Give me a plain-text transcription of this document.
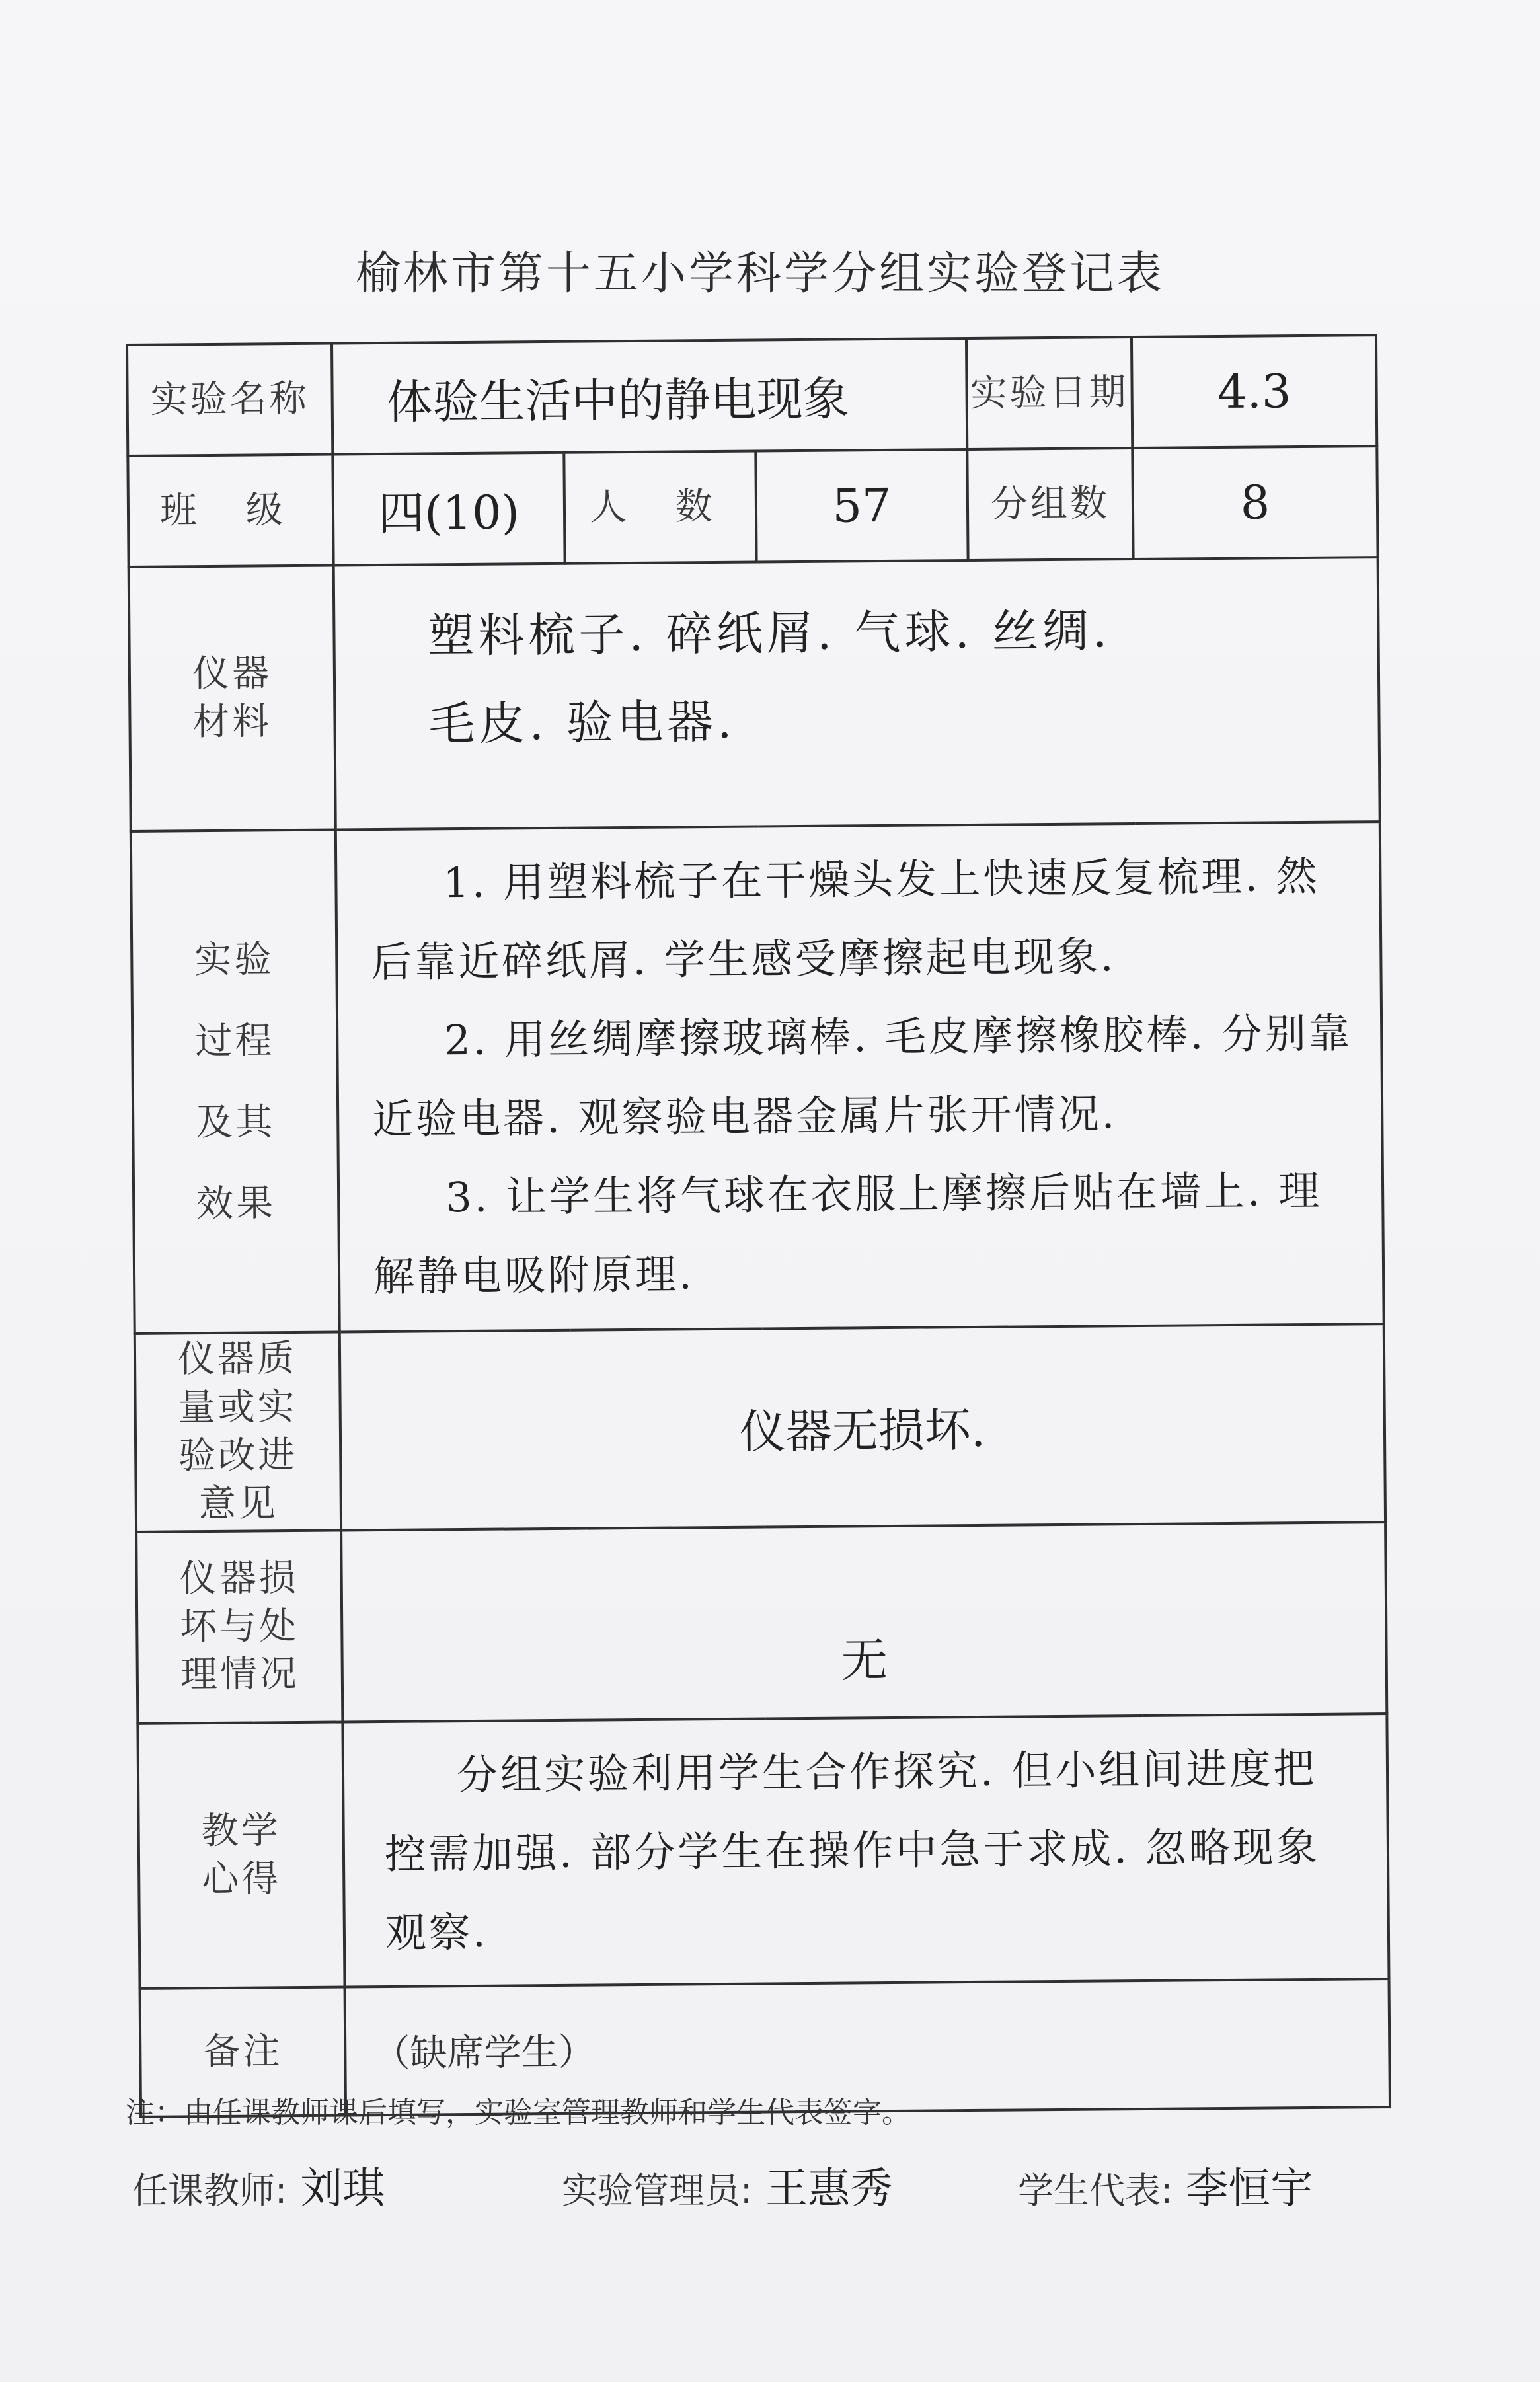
榆林市第十五小学科学分组实验登记表
实验名称	体验生活中的静电现象			实验日期	4.3
班 级	四(10)	人 数	57	分组数	8
仪器材料	塑料梳子. 碎纸屑. 气球. 丝绸.
毛皮. 验电器.				

实验过程及其效果	1. 用塑料梳子在干燥头发上快速反复梳理. 然后靠近碎纸屑. 学生感受摩擦起电现象.
2. 用丝绸摩擦玻璃棒. 毛皮摩擦橡胶棒. 分别靠近验电器. 观察验电器金属片张开情况.
3. 让学生将气球在衣服上摩擦后贴在墙上. 理解静电吸附原理.				

仪器质量或实验改进意见	仪器无损坏.				
仪器损坏与处理情况	无				
教学心得	分组实验利用学生合作探究. 但小组间进度把控需加强. 部分学生在操作中急于求成. 忽略现象观察.				
备注	（缺席学生）				
注：由任课教师课后填写，实验室管理教师和学生代表签字。
任课教师: 刘琪	实验管理员: 王惠秀	学生代表: 李恒宇
